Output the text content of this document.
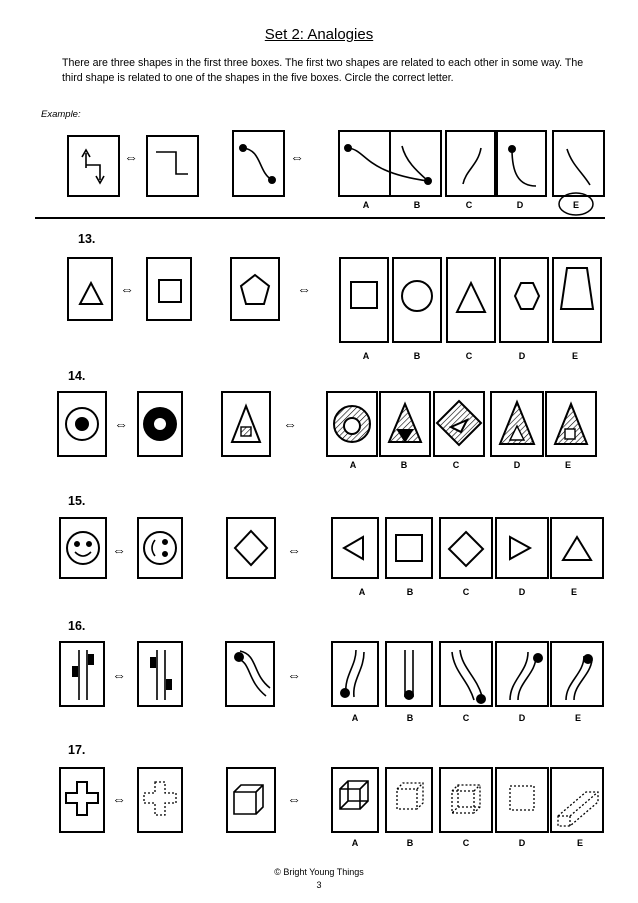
Set 2: Analogies
There are three shapes in the first three boxes. The first two shapes are related to each other in some way. The third shape is related to one of the shapes in the five boxes. Circle the correct letter.
Example:
13.
14.
15.
16.
17.
A	B	C	D	E
A	B	C	D	E
A	B	C	D	E
A	B	C	D	E
A	B	C	D	E
A	B	C	D	E
⇔	⇔
⇔	⇔
⇔	⇔
⇔	⇔
⇔	⇔
⇔	⇔
© Bright Young Things
3
